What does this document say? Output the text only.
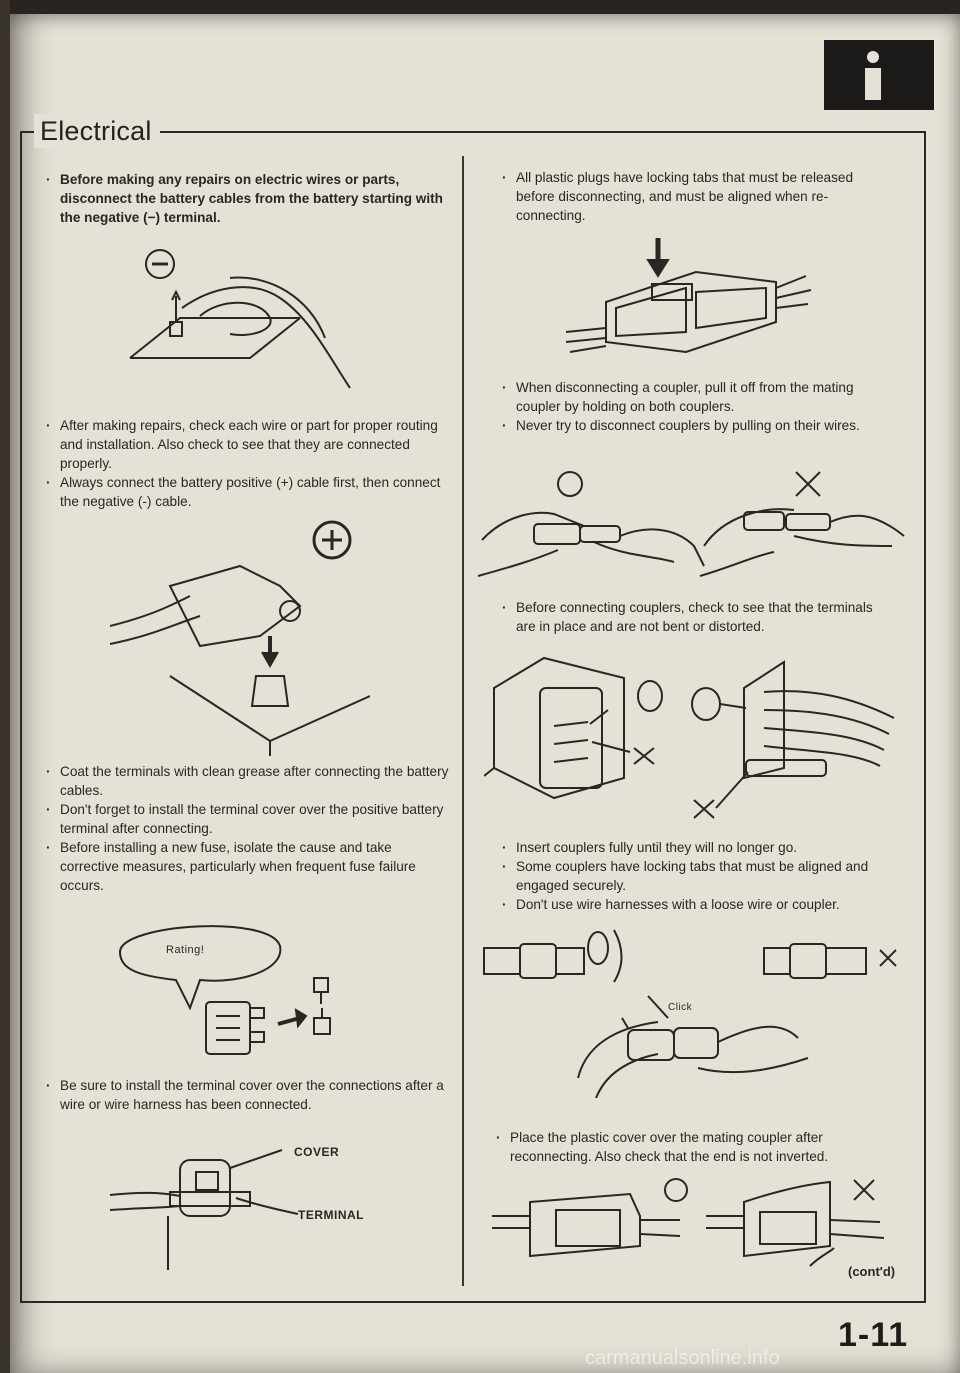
Electrical
· Before making any repairs on electric wires or parts, disconnect the battery cables from the battery starting with the negative (−) terminal.
· After making repairs, check each wire or part for proper routing and installation. Also check to see that they are connected properly.
· Always connect the battery positive (+) cable first, then connect the negative (-) cable.
· Coat the terminals with clean grease after connecting the battery cables.
· Don't forget to install the terminal cover over the positive battery terminal after connecting.
· Before installing a new fuse, isolate the cause and take corrective measures, particularly when frequent fuse failure occurs.
Rating!
· Be sure to install the terminal cover over the connections after a wire or wire harness has been connected.
COVER
TERMINAL
· All plastic plugs have locking tabs that must be released before disconnecting, and must be aligned when re-connecting.
· When disconnecting a coupler, pull it off from the mating coupler by holding on both couplers.
· Never try to disconnect couplers by pulling on their wires.
· Before connecting couplers, check to see that the terminals are in place and are not bent or distorted.
· Insert couplers fully until they will no longer go.
· Some couplers have locking tabs that must be aligned and engaged securely.
· Don't use wire harnesses with a loose wire or coupler.
Click
· Place the plastic cover over the mating coupler after reconnecting. Also check that the end is not inverted.
(cont'd)
1-11
carmanualsonline.info
